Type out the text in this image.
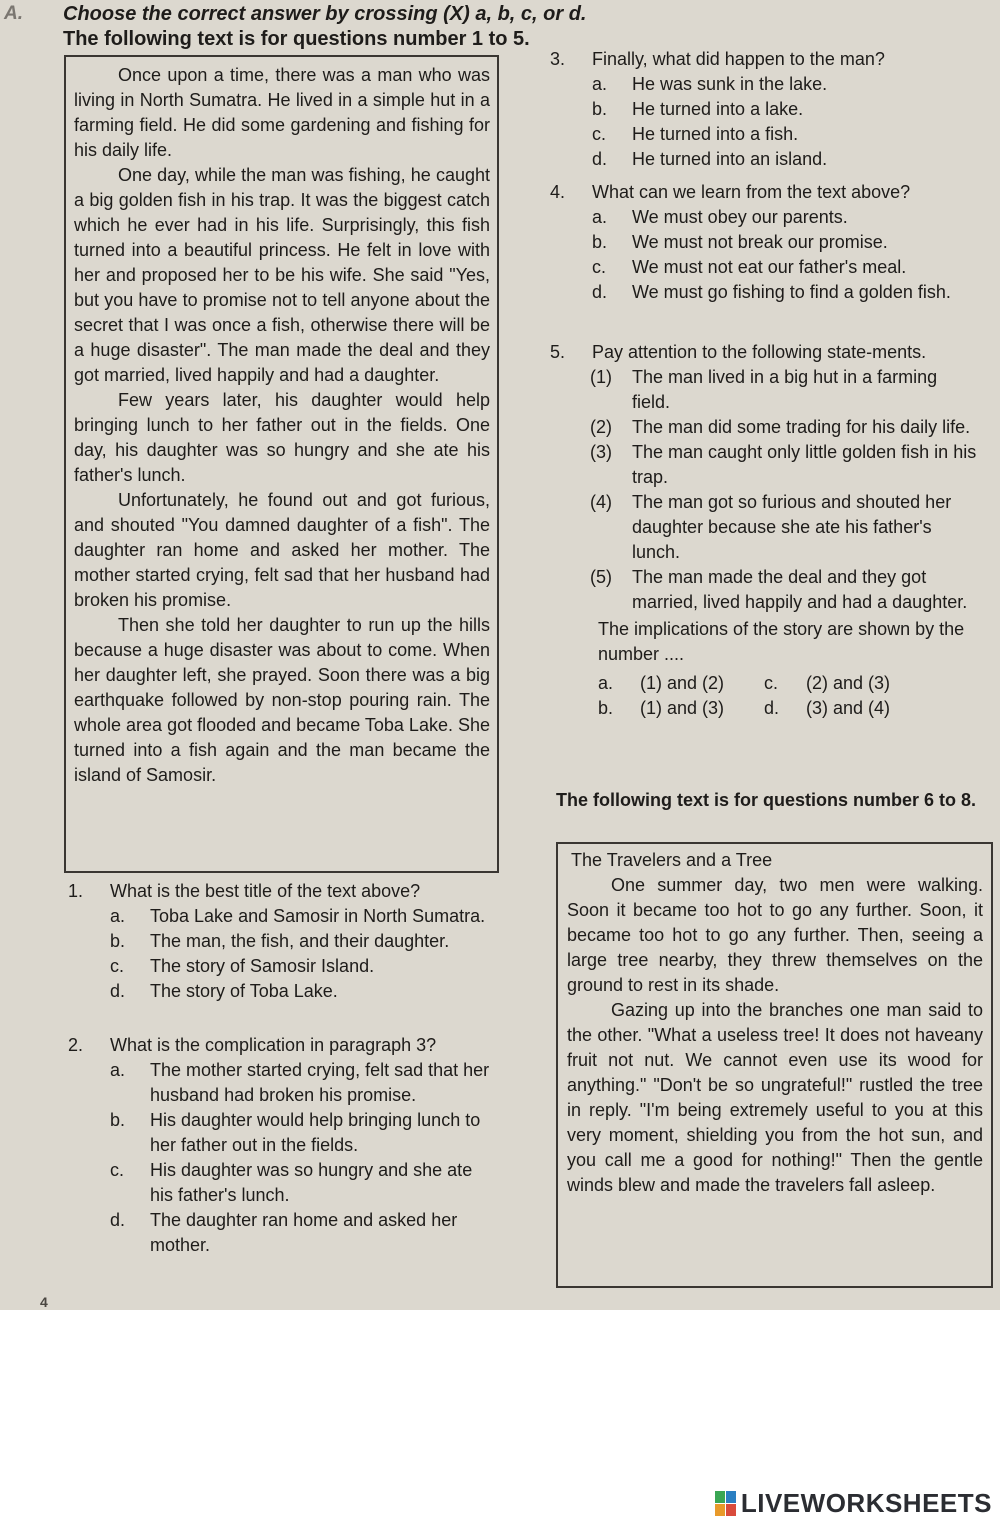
A. Choose the correct answer by crossing (X) a, b, c, or d.
The following text is for questions number 1 to 5.

Once upon a time, there was a man who was living in North Sumatra. He lived in a simple hut in a farming field. He did some gardening and fishing for his daily life.

One day, while the man was fishing, he caught a big golden fish in his trap. It was the biggest catch which he ever had in his life. Surprisingly, this fish turned into a beautiful princess. He felt in love with her and proposed her to be his wife. She said "Yes, but you have to promise not to tell anyone about the secret that I was once a fish, otherwise there will be a huge disaster". The man made the deal and they got married, lived happily and had a daughter.

Few years later, his daughter would help bringing lunch to her father out in the fields. One day, his daughter was so hungry and she ate his father's lunch.

Unfortunately, he found out and got furious, and shouted "You damned daughter of a fish". The daughter ran home and asked her mother. The mother started crying, felt sad that her husband had broken his promise.

Then she told her daughter to run up the hills because a huge disaster was about to come. When her daughter left, she prayed. Soon there was a big earthquake followed by non-stop pouring rain. The whole area got flooded and became Toba Lake. She turned into a fish again and the man became the island of Samosir.

1.	What is the best title of the text above?
a. Toba Lake and Samosir in North Sumatra.
b. The man, the fish, and their daughter.
c. The story of Samosir Island.
d. The story of Toba Lake.
2.	What is the complication in paragraph 3?
a. The mother started crying, felt sad that her husband had broken his promise.
b. His daughter would help bringing lunch to her father out in the fields.
c. His daughter was so hungry and she ate his father's lunch.
d. The daughter ran home and asked her mother.
3.	Finally, what did happen to the man?
a. He was sunk in the lake.
b. He turned into a lake.
c. He turned into a fish.
d. He turned into an island.
4.	What can we learn from the text above?
a. We must obey our parents.
b. We must not break our promise.
c. We must not eat our father's meal.
d. We must go fishing to find a golden fish.
5.	Pay attention to the following state-ments.
(1) The man lived in a big hut in a farming field.
(2) The man did some trading for his daily life.
(3) The man caught only little golden fish in his trap.
(4) The man got so furious and shouted her daughter because she ate his father's lunch.
(5) The man made the deal and they got married, lived happily and had a daughter.
The implications of the story are shown by the number ....
a.	(1) and (2)	c.	(2) and (3)
b.	(1) and (3)	d.	(3) and (4)
The following text is for questions number 6 to 8.
The Travelers and a Tree

One summer day, two men were walking. Soon it became too hot to go any further. Soon, it became too hot to go any further. Then, seeing a large tree nearby, they threw themselves on the ground to rest in its shade.

Gazing up into the branches one man said to the other. "What a useless tree! It does not haveany fruit not nut. We cannot even use its wood for anything." "Don't be so ungrateful!" rustled the tree in reply. "I'm being extremely useful to you at this very moment, shielding you from the hot sun, and you call me a good for nothing!" Then the gentle winds blew and made the travelers fall asleep.

4
LIVEWORKSHEETS
